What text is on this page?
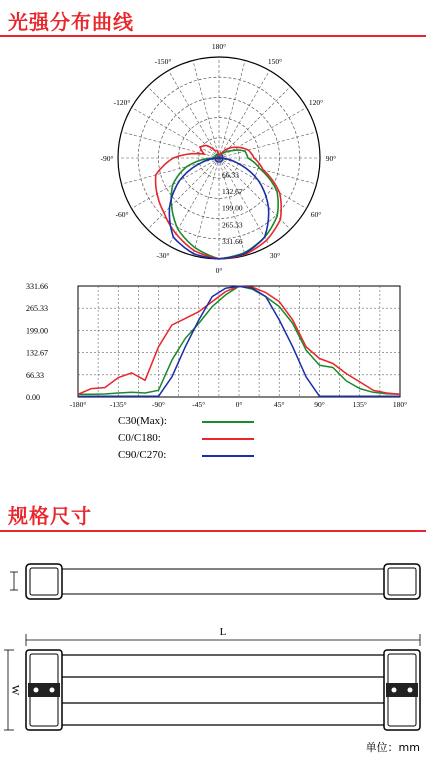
光强分布曲线
180°
150°
120°
90°
60°
30°
0°
-30°
-60°
-90°
-120°
-150°
331.66
265.33
199.00
132.67
66.33
331.66
265.33
199.00
132.67
66.33
0.00
-180°	-135°	-90°	-45°	0°	45°	90°	135°	180°
C30(Max):
C0/C180:
C90/C270:
规格尺寸
L
W
单位：mm
